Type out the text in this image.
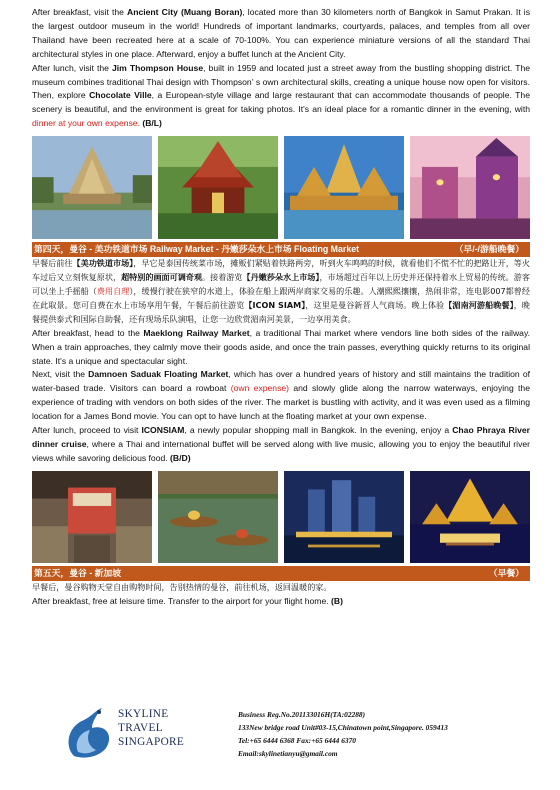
After breakfast, visit the Ancient City (Muang Boran), located more than 30 kilometers north of Bangkok in Samut Prakan. It is the largest outdoor museum in the world! Hundreds of important landmarks, courtyards, palaces, and temples from all over Thailand have been recreated here at a scale of 70-100%. You can experience miniature versions of all the standard Thai architectural styles in one place. Afterward, enjoy a buffet lunch at the Ancient City.

After lunch, visit the Jim Thompson House, built in 1959 and located just a street away from the bustling shopping district. The museum combines traditional Thai design with Thompson’ s own architectural skills, creating a unique house now open for visitors. Then, explore Chocolate Ville, a European-style village and large restaurant that can accommodate thousands of people. The scenery is beautiful, and the environment is great for taking photos. It's an ideal place for a romantic dinner in the evening, with dinner at your own expense. (B/L)

第四天，曼谷 - 美功铁道市场 Railway Market - 丹嫩莎朵水上市场 Floating Market	（早/-/游船晚餐）

早餐后前往【美功铁道市场】，早它是泰国传统菜市场，摊贩们紧贴着铁路两旁，听到火车鸣鸣的时候，就看他们不慌不忙的把路让开，等火车过后又立刻恢复原状，超特别的画面可调奇观。接着游览【丹嫩莎朵水上市场】，市场超过百年以上历史并还保持着水上贸易的传统。游客可以坐上手摇船（费用自理），缓慢行驶在狭窄的水道上，体验在船上跟两岸商家交易的乐趣。人潮熙熙攘攘，热闹非常，连电影007都曾经在此取景。您可自费在水上市场享用午餐，午餐后前往游览【ICON SIAM】，这里是曼谷新晋人气商场。晚上体验【湄南河游船晚餐】，晚餐提供泰式和国际自助餐，还有现场乐队演唱，让您一边欣赏湄南河美景，一边享用美食。

After breakfast, head to the Maeklong Railway Market, a traditional Thai market where vendors line both sides of the railway. When a train approaches, they calmly move their goods aside, and once the train passes, everything quickly returns to its original state. It's a unique and spectacular sight.

Next, visit the Damnoen Saduak Floating Market, which has over a hundred years of history and still maintains the tradition of water-based trade. Visitors can board a rowboat (own expense) and slowly glide along the narrow waterways, enjoying the experience of trading with vendors on both sides of the river. The market is bustling with activity, and it was even used as a filming location for a James Bond movie. You can opt to have lunch at the floating market at your own expense.

After lunch, proceed to visit ICONSIAM, a newly popular shopping mall in Bangkok. In the evening, enjoy a Chao Phraya River dinner cruise, where a Thai and international buffet will be served along with live music, allowing you to enjoy the beautiful river views while savoring delicious food. (B/D)

第五天，曼谷 - 新加坡	（早餐）

早餐后，曼谷购物天堂自由购物时间，告别热情的曼谷，前往机场，返回温暖的家。

After breakfast, free at leisure time. Transfer to the airport for your flight home. (B)

SKYLINE
TRAVEL
SINGAPORE
Business Reg.No.201133016H(TA:02288)
133New bridge road Unit#03-15,Chinatown point,Singapore. 059413
Tel:+65 6444 6368 Fax:+65 6444 6370
Email:skylinetianyu@gmail.com
